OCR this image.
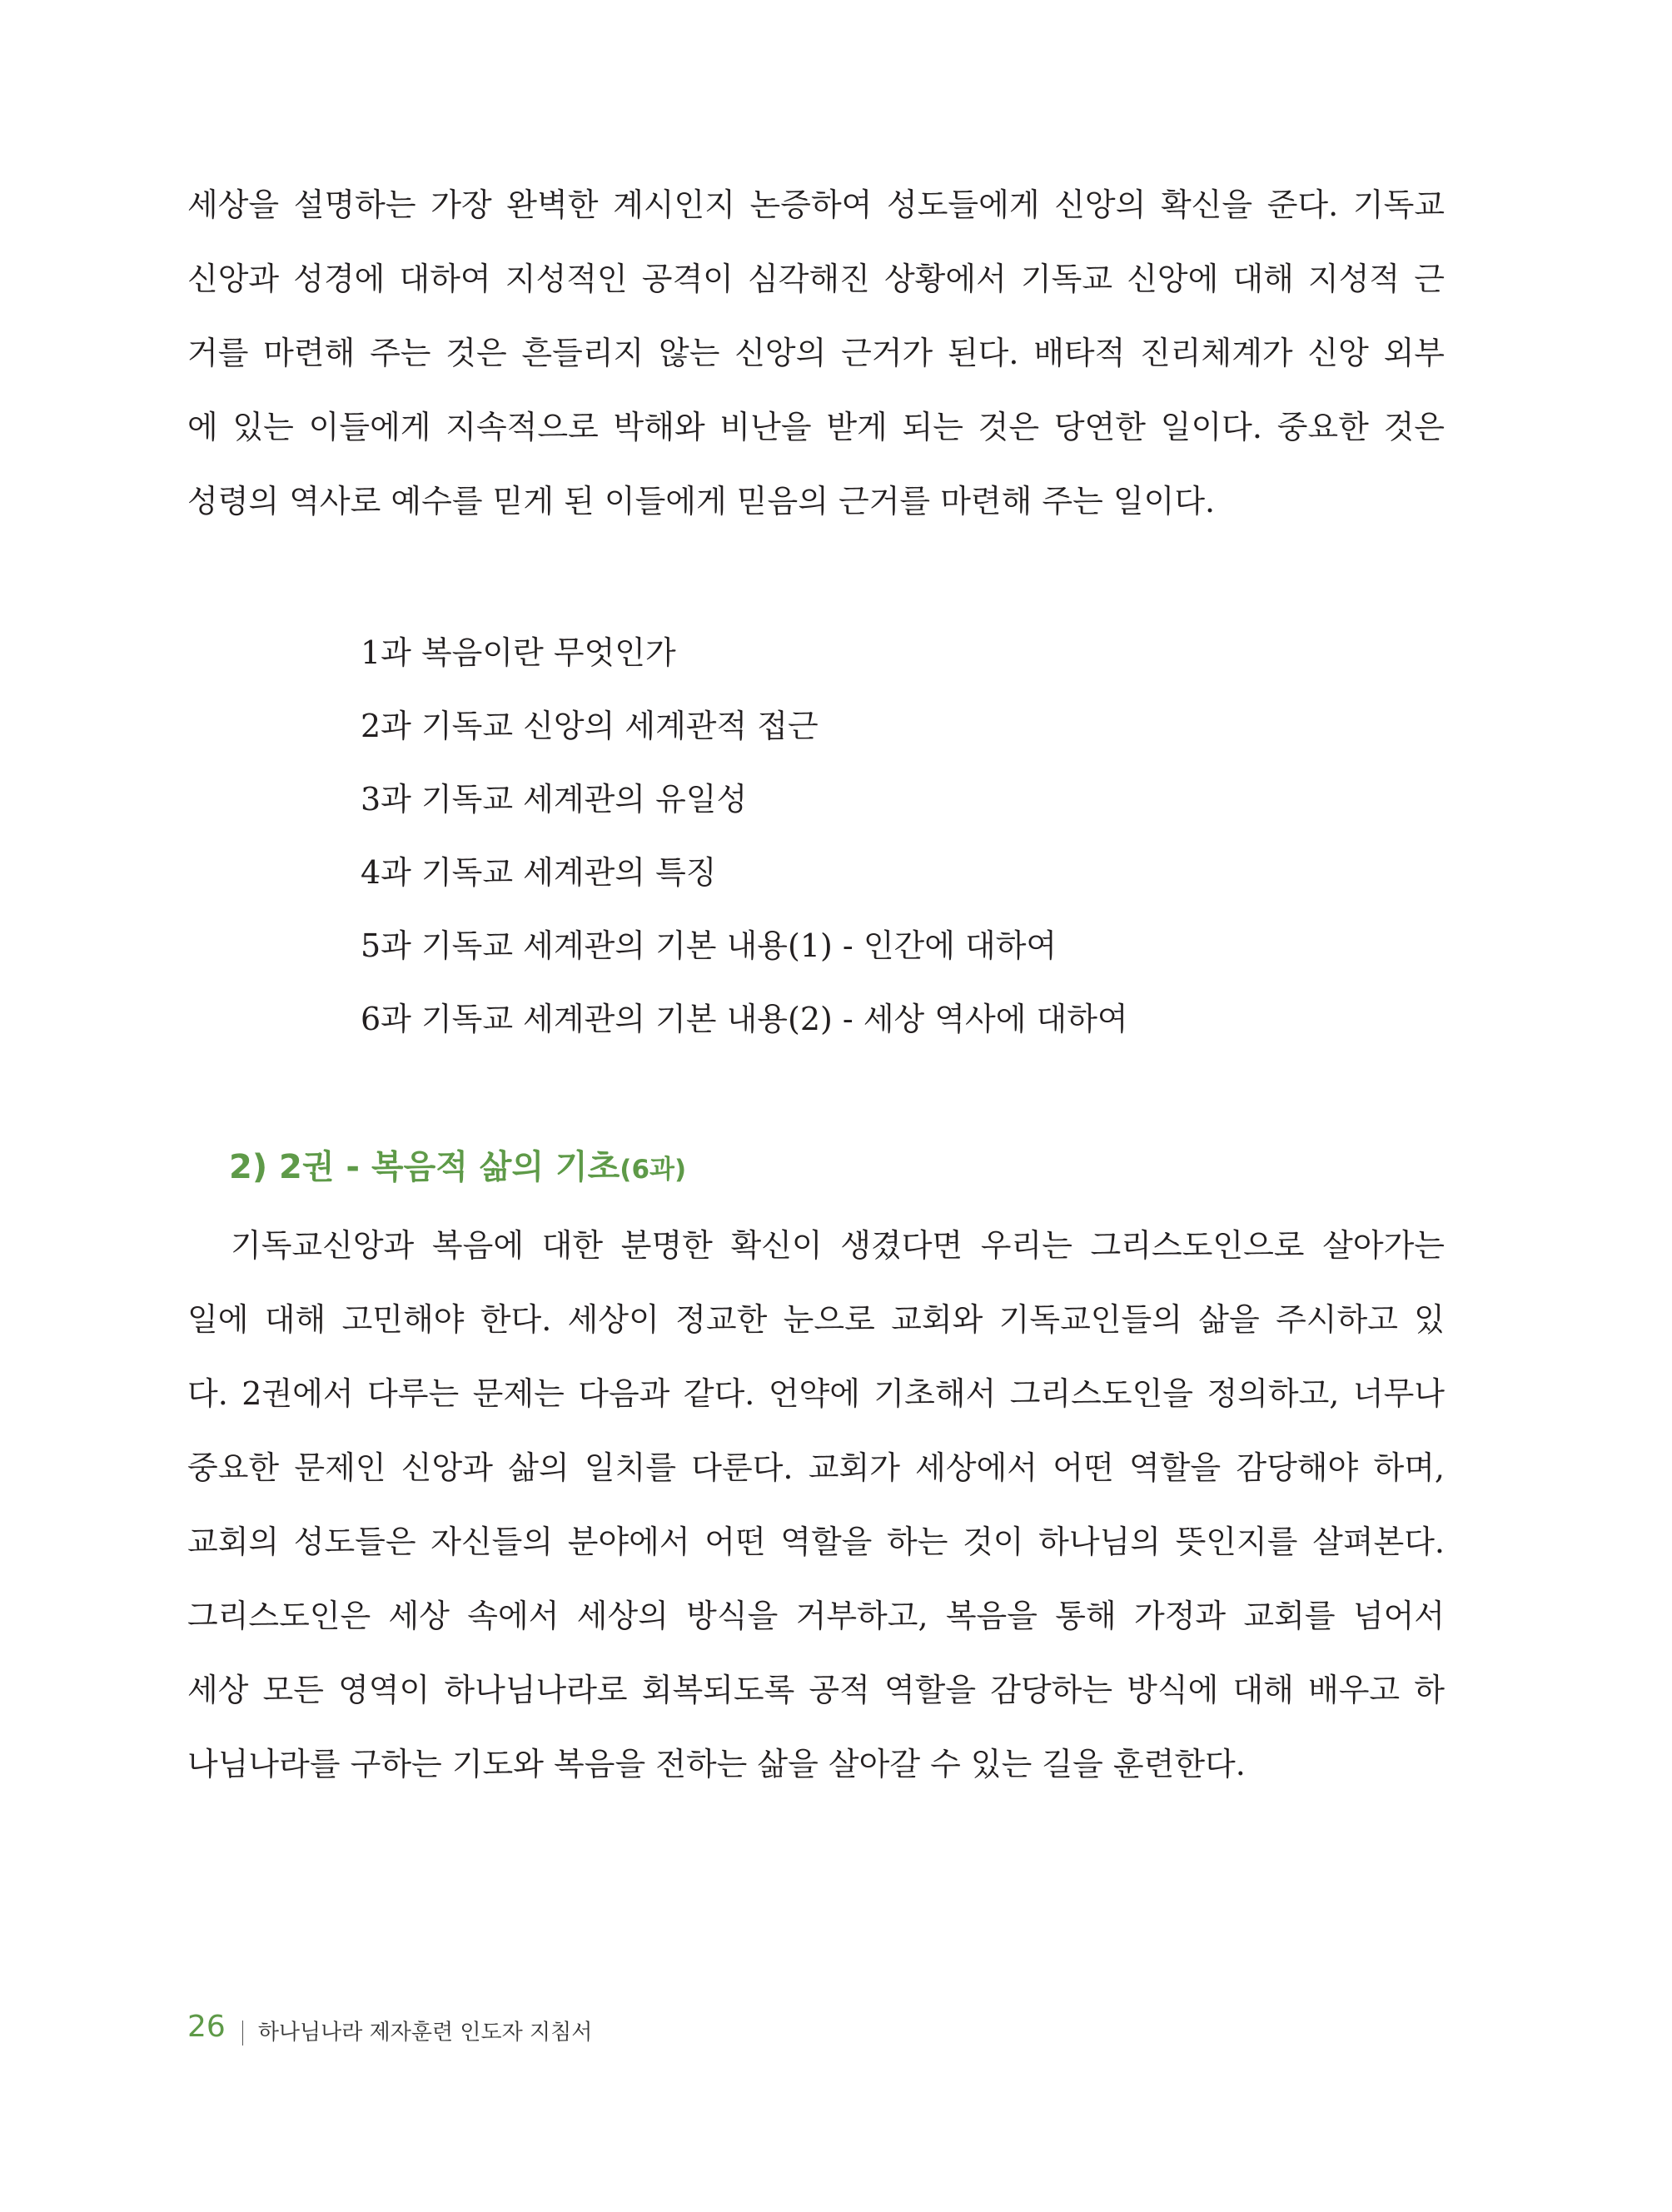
세상을 설명하는 가장 완벽한 계시인지 논증하여 성도들에게 신앙의 확신을 준다. 기독교
신앙과 성경에 대하여 지성적인 공격이 심각해진 상황에서 기독교 신앙에 대해 지성적 근
거를 마련해 주는 것은 흔들리지 않는 신앙의 근거가 된다. 배타적 진리체계가 신앙 외부
에 있는 이들에게 지속적으로 박해와 비난을 받게 되는 것은 당연한 일이다. 중요한 것은
성령의 역사로 예수를 믿게 된 이들에게 믿음의 근거를 마련해 주는 일이다.
1과 복음이란 무엇인가
2과 기독교 신앙의 세계관적 접근
3과 기독교 세계관의 유일성
4과 기독교 세계관의 특징
5과 기독교 세계관의 기본 내용(1) - 인간에 대하여
6과 기독교 세계관의 기본 내용(2) - 세상 역사에 대하여
2) 2권 - 복음적 삶의 기초(6과)
기독교신앙과 복음에 대한 분명한 확신이 생겼다면 우리는 그리스도인으로 살아가는
일에 대해 고민해야 한다. 세상이 정교한 눈으로 교회와 기독교인들의 삶을 주시하고 있
다. 2권에서 다루는 문제는 다음과 같다. 언약에 기초해서 그리스도인을 정의하고, 너무나
중요한 문제인 신앙과 삶의 일치를 다룬다. 교회가 세상에서 어떤 역할을 감당해야 하며,
교회의 성도들은 자신들의 분야에서 어떤 역할을 하는 것이 하나님의 뜻인지를 살펴본다.
그리스도인은 세상 속에서 세상의 방식을 거부하고, 복음을 통해 가정과 교회를 넘어서
세상 모든 영역이 하나님나라로 회복되도록 공적 역할을 감당하는 방식에 대해 배우고 하
나님나라를 구하는 기도와 복음을 전하는 삶을 살아갈 수 있는 길을 훈련한다.
26 하나님나라 제자훈련 인도자 지침서
